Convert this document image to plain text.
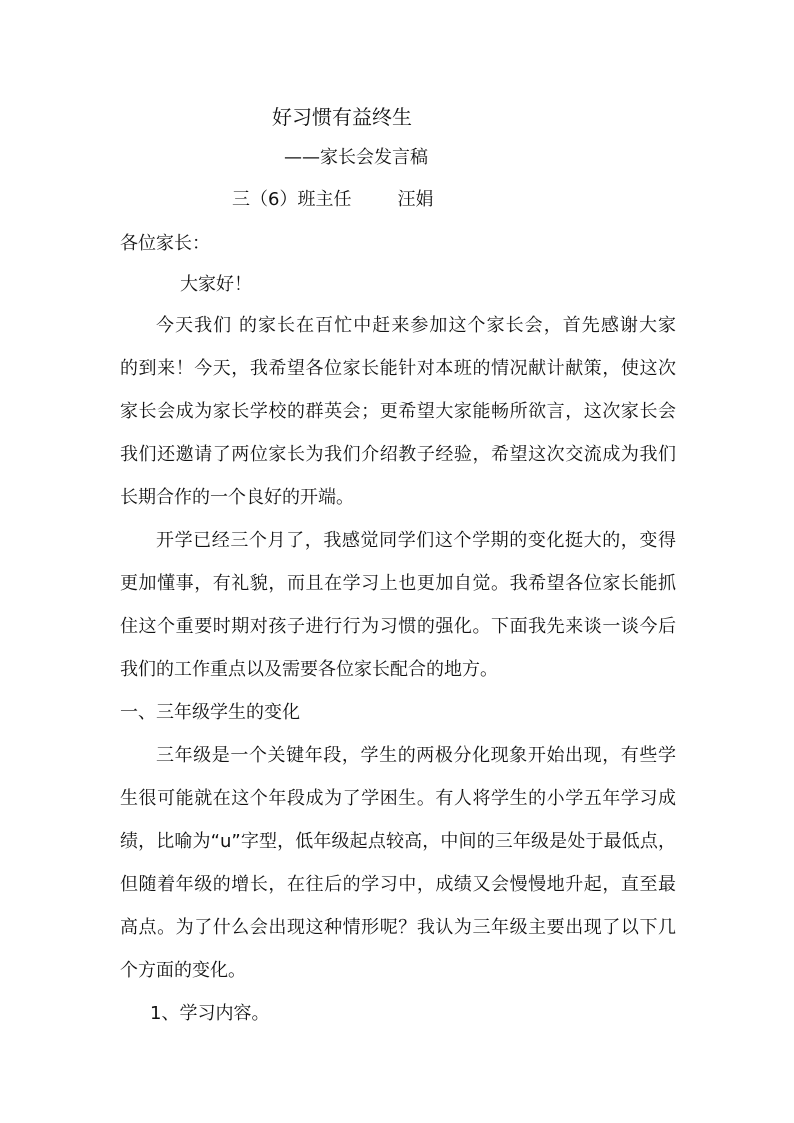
好习惯有益终生
——家长会发言稿
三（6）班主任	汪娟
各位家长：
大家好！
今天我们 的家长在百忙中赶来参加这个家长会，首先感谢大家
的到来！今天，我希望各位家长能针对本班的情况献计献策，使这次
家长会成为家长学校的群英会；更希望大家能畅所欲言，这次家长会
我们还邀请了两位家长为我们介绍教子经验，希望这次交流成为我们
长期合作的一个良好的开端。
开学已经三个月了，我感觉同学们这个学期的变化挺大的，变得
更加懂事，有礼貌，而且在学习上也更加自觉。我希望各位家长能抓
住这个重要时期对孩子进行行为习惯的强化。下面我先来谈一谈今后
我们的工作重点以及需要各位家长配合的地方。
一、三年级学生的变化
三年级是一个关键年段，学生的两极分化现象开始出现，有些学
生很可能就在这个年段成为了学困生。有人将学生的小学五年学习成
绩，比喻为“u”字型，低年级起点较高，中间的三年级是处于最低点，
但随着年级的增长，在往后的学习中，成绩又会慢慢地升起，直至最
高点。为了什么会出现这种情形呢？我认为三年级主要出现了以下几
个方面的变化。
1、学习内容。
